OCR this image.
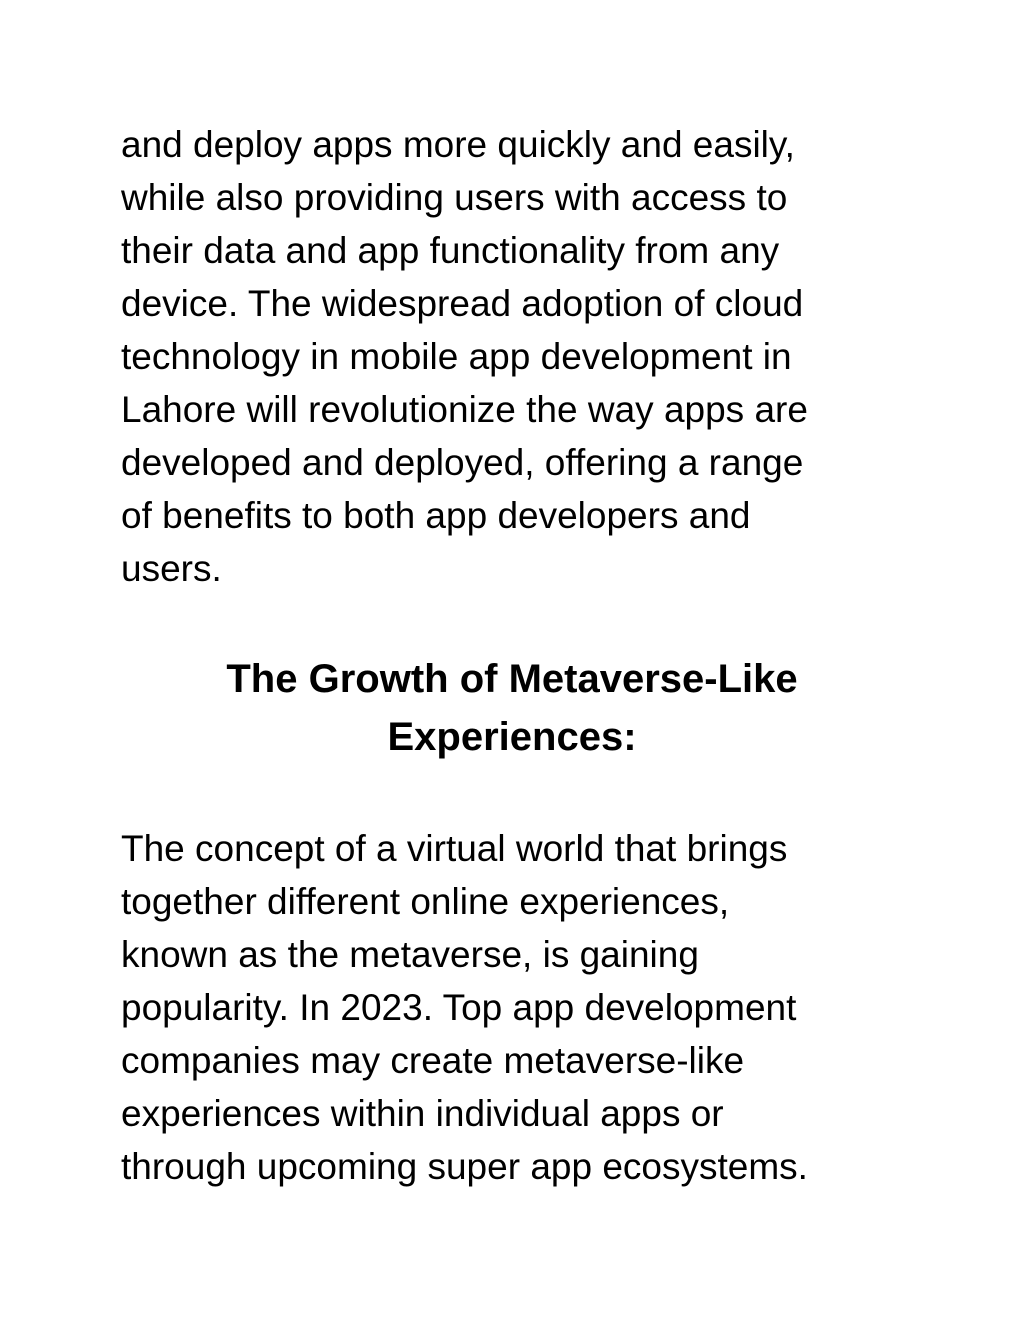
and deploy apps more quickly and easily,
while also providing users with access to
their data and app functionality from any
device. The widespread adoption of cloud
technology in mobile app development in
Lahore will revolutionize the way apps are
developed and deployed, offering a range
of benefits to both app developers and
users.

The Growth of Metaverse-Like
Experiences:

The concept of a virtual world that brings
together different online experiences,
known as the metaverse, is gaining
popularity. In 2023. Top app development
companies may create metaverse-like
experiences within individual apps or
through upcoming super app ecosystems.
